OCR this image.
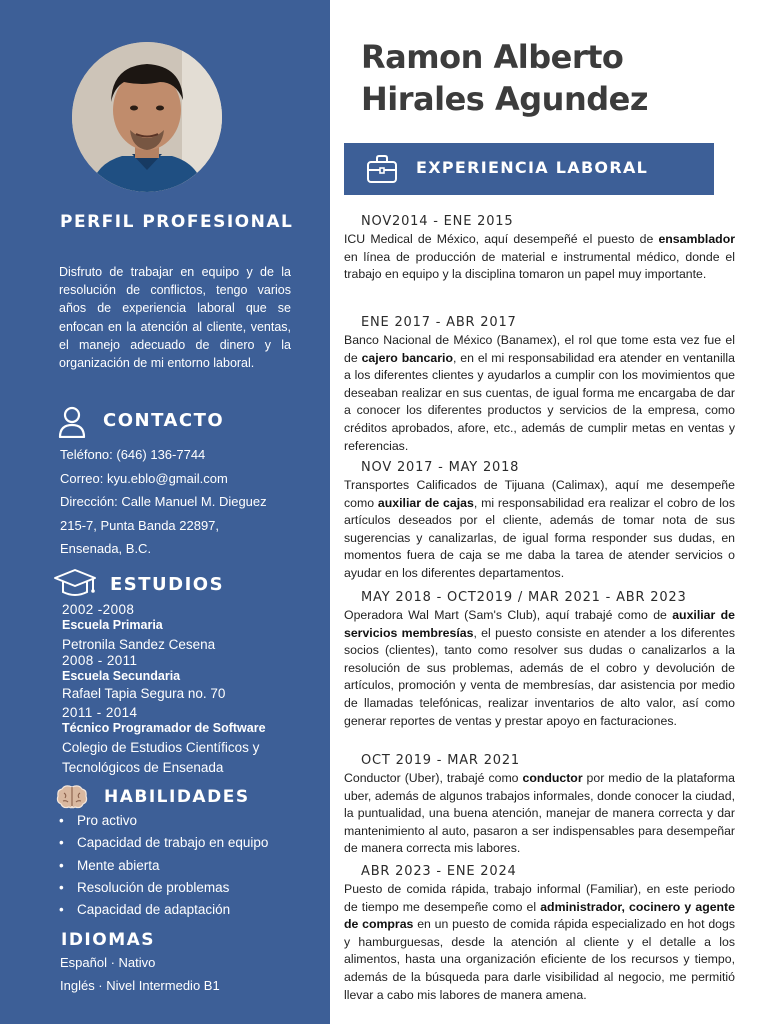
PERFIL PROFESIONAL
Disfruto de trabajar en equipo y de la resolución de conflictos, tengo varios años de experiencia laboral que se enfocan en la atención al cliente, ventas, el manejo adecuado de dinero y la organización de mi entorno laboral.
CONTACTO
Teléfono: (646) 136-7744
Correo: kyu.eblo@gmail.com
Dirección: Calle Manuel M. Dieguez
215-7, Punta Banda 22897,
Ensenada, B.C.
ESTUDIOS
2002 -2008
Escuela Primaria
Petronila Sandez Cesena
2008 - 2011
Escuela Secundaria
Rafael Tapia Segura no. 70
2011 - 2014
Técnico Programador de Software
Colegio de Estudios Científicos y Tecnológicos de Ensenada
HABILIDADES
• Pro activo
• Capacidad de trabajo en equipo
• Mente abierta
• Resolución de problemas
• Capacidad de adaptación
IDIOMAS
Español · Nativo
Inglés · Nivel Intermedio B1
Ramon Alberto Hirales Agundez
EXPERIENCIA LABORAL
NOV2014 - ENE 2015

ICU Medical de México, aquí desempeñé el puesto de ensamblador en línea de producción de material e instrumental médico, donde el trabajo en equipo y la disciplina tomaron un papel muy importante.

ENE 2017 - ABR 2017

Banco Nacional de México (Banamex), el rol que tome esta vez fue el de cajero bancario, en el mi responsabilidad era atender en ventanilla a los diferentes clientes y ayudarlos a cumplir con los movimientos que deseaban realizar en sus cuentas, de igual forma me encargaba de dar a conocer los diferentes productos y servicios de la empresa, como créditos aprobados, afore, etc., además de cumplir metas en ventas y referencias.

NOV 2017 - MAY 2018

Transportes Calificados de Tijuana (Calimax), aquí me desempeñe como auxiliar de cajas, mi responsabilidad era realizar el cobro de los artículos deseados por el cliente, además de tomar nota de sus sugerencias y canalizarlas, de igual forma responder sus dudas, en momentos fuera de caja se me daba la tarea de atender servicios o ayudar en los diferentes departamentos.

MAY 2018 - OCT2019 / MAR 2021 - ABR 2023

Operadora Wal Mart (Sam's Club), aquí trabajé como de auxiliar de servicios membresías, el puesto consiste en atender a los diferentes socios (clientes), tanto como resolver sus dudas o canalizarlos a la resolución de sus problemas, además de el cobro y devolución de artículos, promoción y venta de membresías, dar asistencia por medio de llamadas telefónicas, realizar inventarios de alto valor, así como generar reportes de ventas y prestar apoyo en facturaciones.

OCT 2019 - MAR 2021

Conductor (Uber), trabajé como conductor por medio de la plataforma uber, además de algunos trabajos informales, donde conocer la ciudad, la puntualidad, una buena atención, manejar de manera correcta y dar mantenimiento al auto, pasaron a ser indispensables para desempeñar de manera correcta mis labores.

ABR 2023 - ENE 2024

Puesto de comida rápida, trabajo informal (Familiar), en este periodo de tiempo me desempeñe como el administrador, cocinero y agente de compras en un puesto de comida rápida especializado en hot dogs y hamburguesas, desde la atención al cliente y el detalle a los alimentos, hasta una organización eficiente de los recursos y tiempo, además de la búsqueda para darle visibilidad al negocio, me permitió llevar a cabo mis labores de manera amena.
